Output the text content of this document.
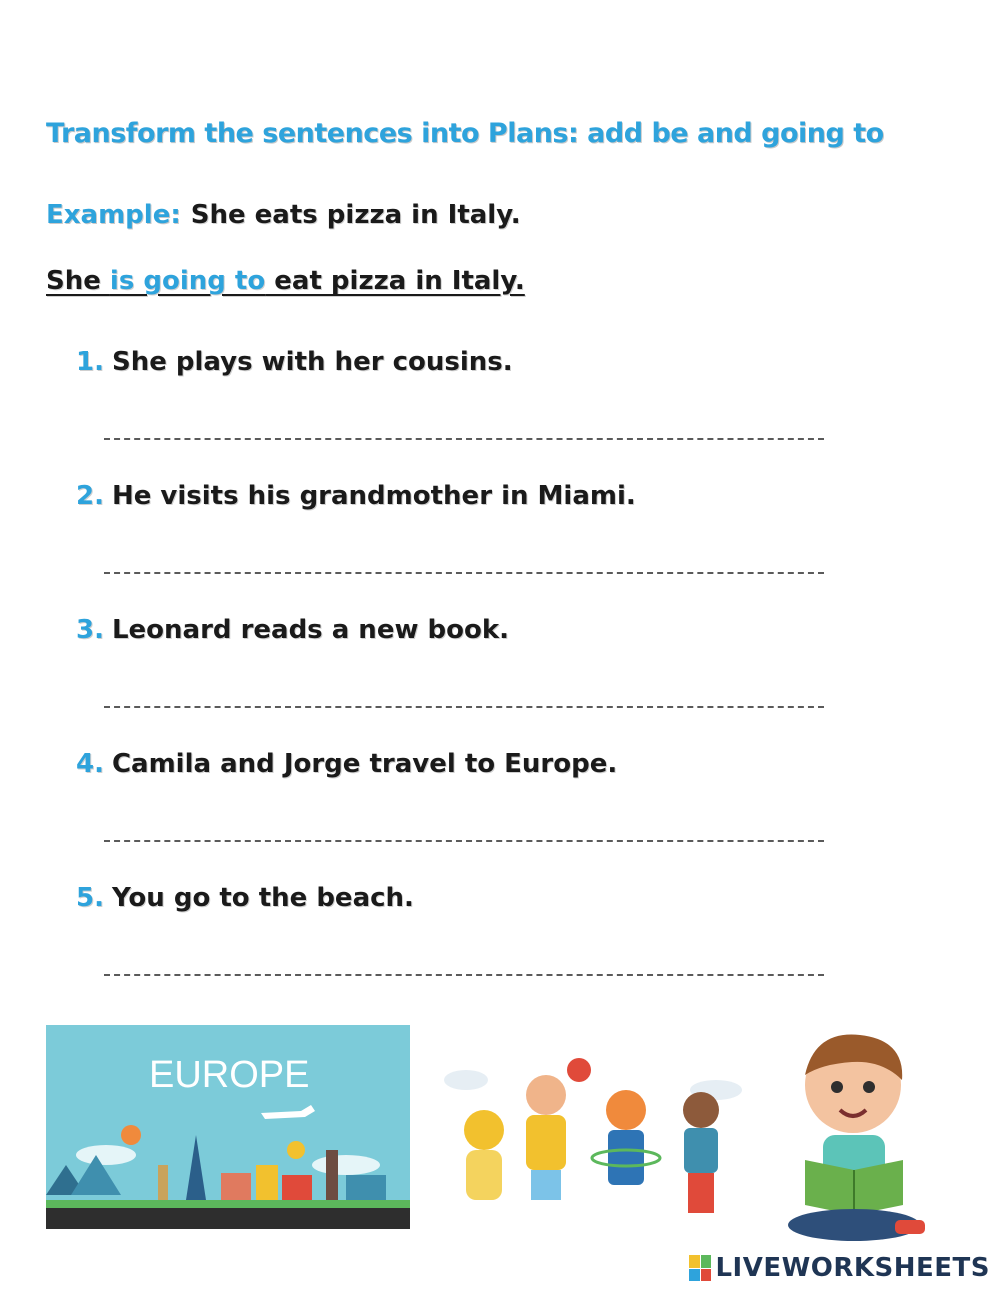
Transform the sentences into Plans: add be and going to
Example: She eats pizza in Italy.
She is going to eat pizza in Italy.
1. She plays with her cousins.
2. He visits his grandmother in Miami.
3. Leonard reads a new book.
4. Camila and Jorge travel to Europe.
5. You go to the beach.
EUROPE
LIVEWORKSHEETS
